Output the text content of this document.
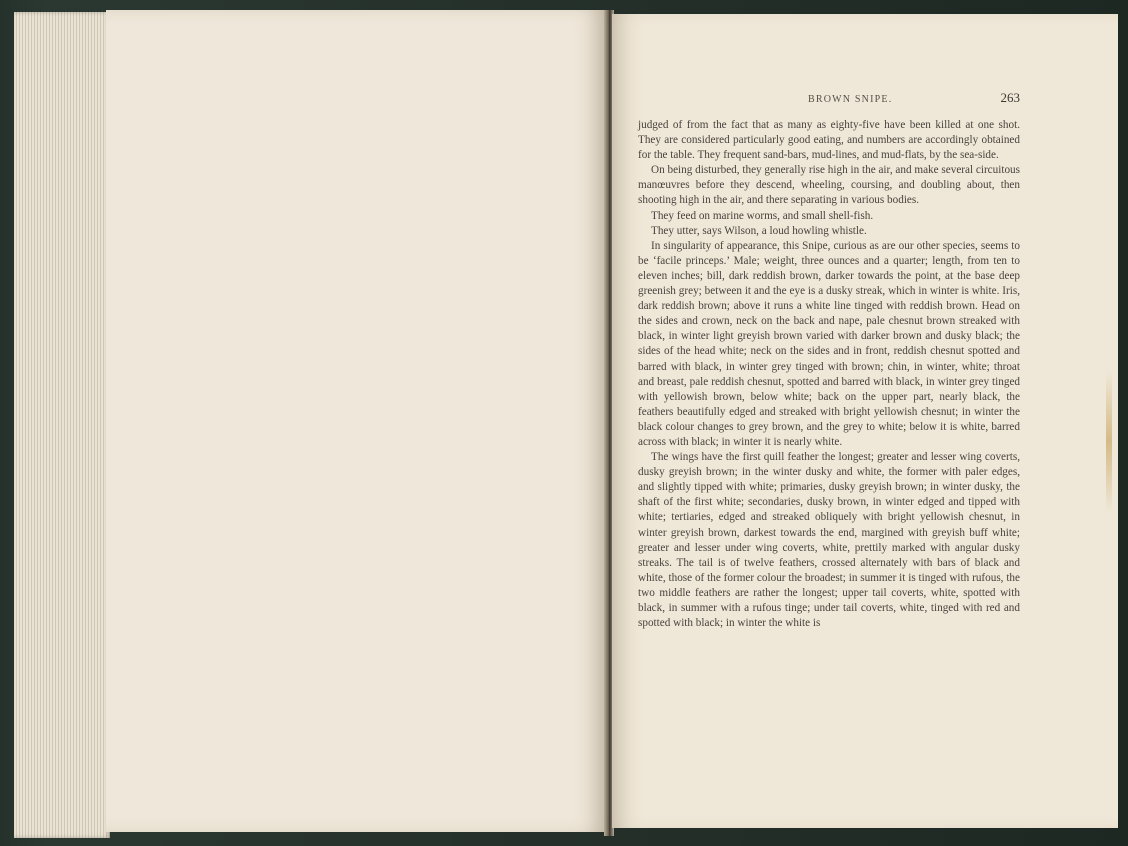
BROWN SNIPE.	263

judged of from the fact that as many as eighty-five have been killed at one shot. They are considered particularly good eating, and numbers are accordingly obtained for the table. They frequent sand-bars, mud-lines, and mud-flats, by the sea-side.

On being disturbed, they generally rise high in the air, and make several circuitous manœuvres before they descend, wheeling, coursing, and doubling about, then shooting high in the air, and there separating in various bodies.

They feed on marine worms, and small shell-fish.

They utter, says Wilson, a loud howling whistle.

In singularity of appearance, this Snipe, curious as are our other species, seems to be ‘facile princeps.’ Male; weight, three ounces and a quarter; length, from ten to eleven inches; bill, dark reddish brown, darker towards the point, at the base deep greenish grey; between it and the eye is a dusky streak, which in winter is white. Iris, dark reddish brown; above it runs a white line tinged with reddish brown. Head on the sides and crown, neck on the back and nape, pale chesnut brown streaked with black, in winter light greyish brown varied with darker brown and dusky black; the sides of the head white; neck on the sides and in front, reddish chesnut spotted and barred with black, in winter grey tinged with brown; chin, in winter, white; throat and breast, pale reddish chesnut, spotted and barred with black, in winter grey tinged with yellowish brown, below white; back on the upper part, nearly black, the feathers beautifully edged and streaked with bright yellowish chesnut; in winter the black colour changes to grey brown, and the grey to white; below it is white, barred across with black; in winter it is nearly white.

The wings have the first quill feather the longest; greater and lesser wing coverts, dusky greyish brown; in the winter dusky and white, the former with paler edges, and slightly tipped with white; primaries, dusky greyish brown; in winter dusky, the shaft of the first white; secondaries, dusky brown, in winter edged and tipped with white; tertiaries, edged and streaked obliquely with bright yellowish chesnut, in winter greyish brown, darkest towards the end, margined with greyish buff white; greater and lesser under wing coverts, white, prettily marked with angular dusky streaks. The tail is of twelve feathers, crossed alternately with bars of black and white, those of the former colour the broadest; in summer it is tinged with rufous, the two middle feathers are rather the longest; upper tail coverts, white, spotted with black, in summer with a rufous tinge; under tail coverts, white, tinged with red and spotted with black; in winter the white is
